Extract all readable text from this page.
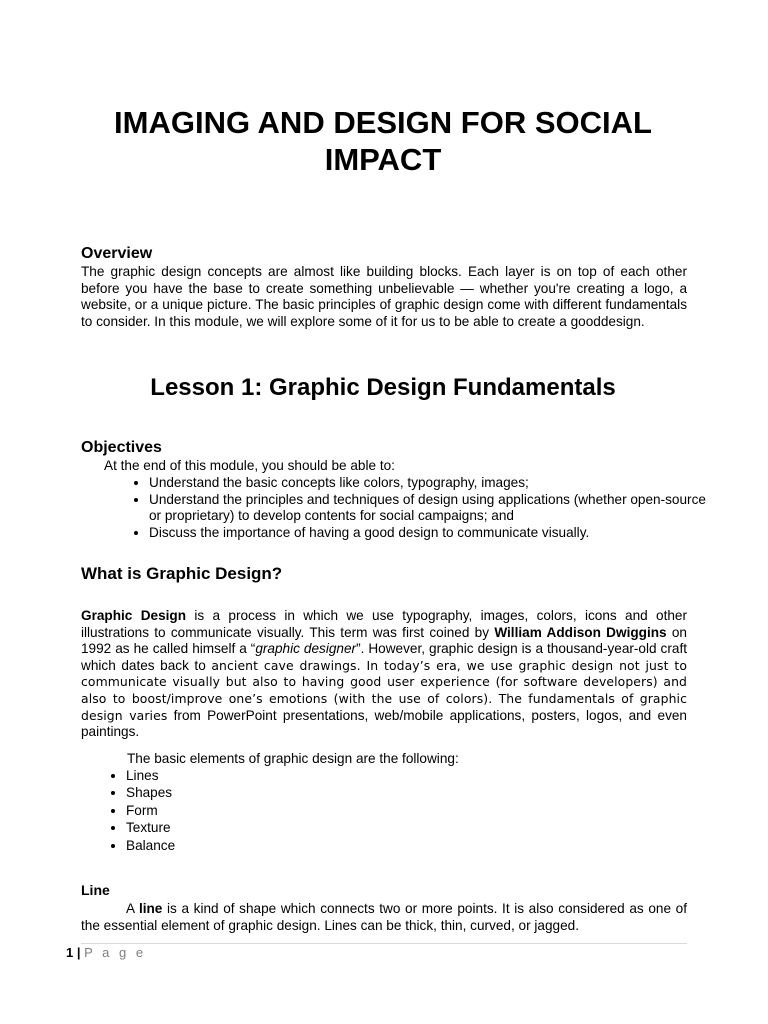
IMAGING AND DESIGN FOR SOCIAL
IMPACT
Overview

The graphic design concepts are almost like building blocks. Each layer is on top of each other before you have the base to create something unbelievable — whether you're creating a logo, a website, or a unique picture. The basic principles of graphic design come with different fundamentals to consider. In this module, we will explore some of it for us to be able to create a gooddesign.

Lesson 1: Graphic Design Fundamentals
Objectives
At the end of this module, you should be able to:
• Understand the basic concepts like colors, typography, images;
• Understand the principles and techniques of design using applications (whether open-source or proprietary) to develop contents for social campaigns; and
• Discuss the importance of having a good design to communicate visually.
What is Graphic Design?

Graphic Design is a process in which we use typography, images, colors, icons and other illustrations to communicate visually. This term was first coined by William Addison Dwiggins on 1992 as he called himself a “graphic designer”. However, graphic design is a thousand-year-old craft which dates back to ancient cave drawings. In today’s era, we use graphic design not just to communicate visually but also to having good user experience (for software developers) and also to boost/improve one’s emotions (with the use of colors). The fundamentals of graphic design varies from PowerPoint presentations, web/mobile applications, posters, logos, and even paintings.

The basic elements of graphic design are the following:
• Lines
• Shapes
• Form
• Texture
• Balance
Line

A line is a kind of shape which connects two or more points. It is also considered as one of the essential element of graphic design. Lines can be thick, thin, curved, or jagged.

1 | P a g e
